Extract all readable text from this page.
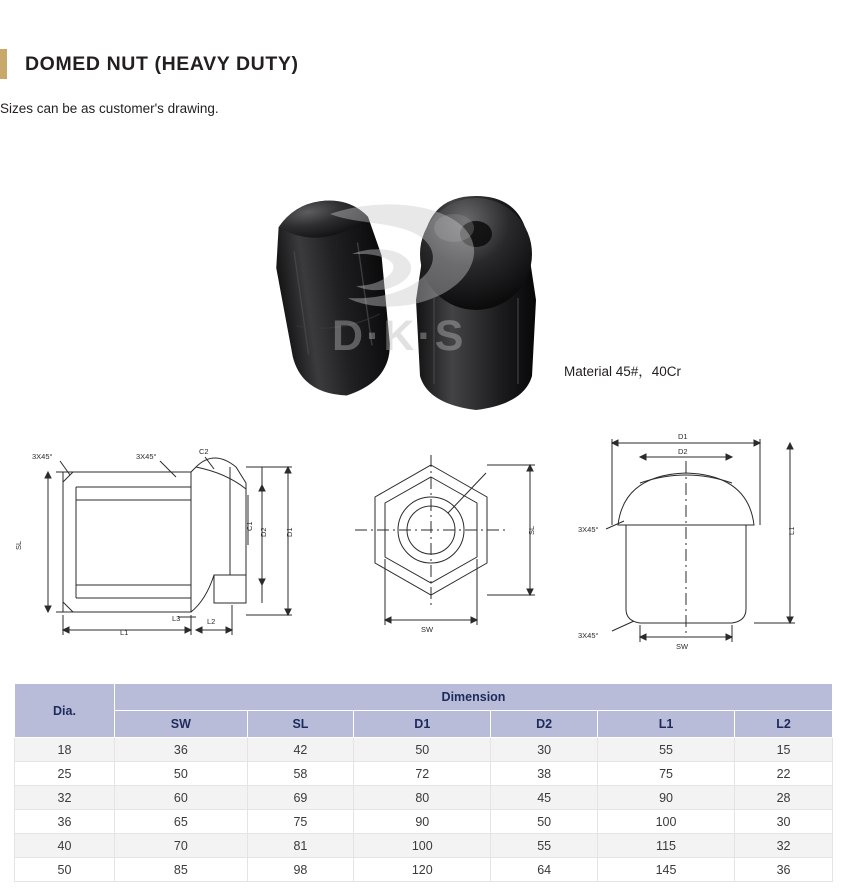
DOMED NUT (HEAVY DUTY)
Sizes can be as customer's drawing.
D·K·S
Material 45#，40Cr
3X45°	3X45°
C2
SL
C1
D2 D1
L1
L2
L3
SW
SL
D1
D2
L1
SW
3X45°
3X45°
Dia.	Dimension					
	SW	SL	D1	D2	L1	L2
18	36	42	50	30	55	15
25	50	58	72	38	75	22
32	60	69	80	45	90	28
36	65	75	90	50	100	30
40	70	81	100	55	115	32
50	85	98	120	64	145	36
